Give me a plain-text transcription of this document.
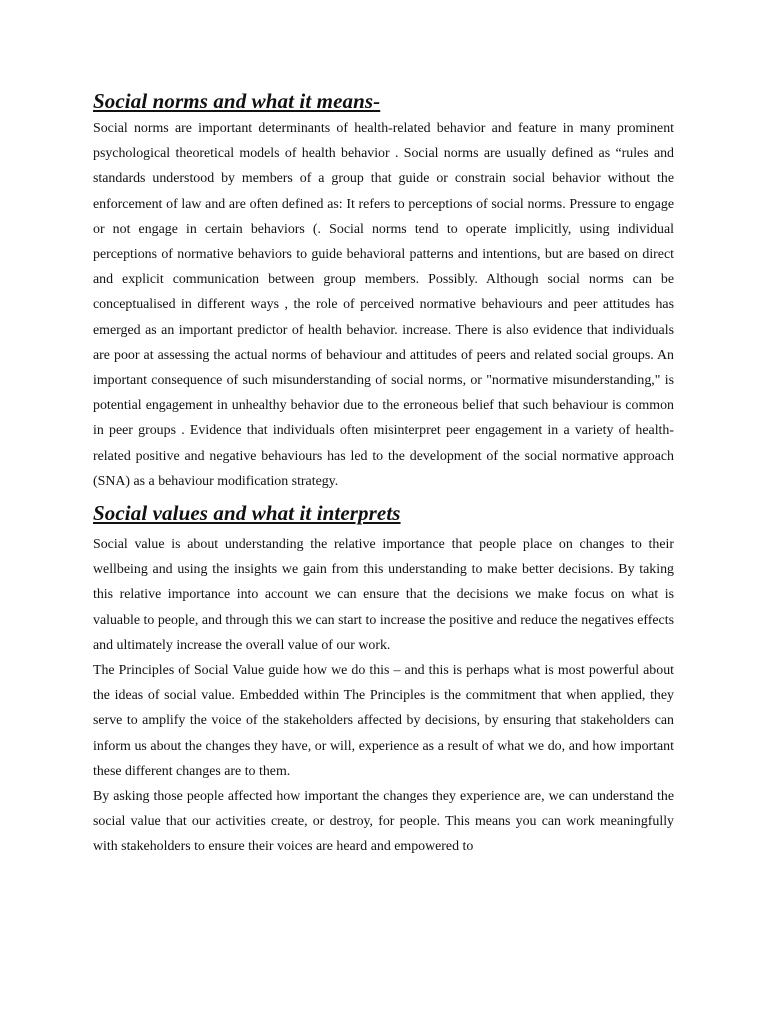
Social norms and what it means-

Social norms are important determinants of health-related behavior and feature in many prominent psychological theoretical models of health behavior . Social norms are usually defined as “rules and standards understood by members of a group that guide or constrain social behavior without the enforcement of law and are often defined as: It refers to perceptions of social norms. Pressure to engage or not engage in certain behaviors (. Social norms tend to operate implicitly, using individual perceptions of normative behaviors to guide behavioral patterns and intentions, but are based on direct and explicit communication between group members. Possibly. Although social norms can be conceptualised in different ways , the role of perceived normative behaviours and peer attitudes has emerged as an important predictor of health behavior. increase. There is also evidence that individuals are poor at assessing the actual norms of behaviour and attitudes of peers and related social groups. An important consequence of such misunderstanding of social norms, or "normative misunderstanding," is potential engagement in unhealthy behavior due to the erroneous belief that such behaviour is common in peer groups . Evidence that individuals often misinterpret peer engagement in a variety of health-related positive and negative behaviours has led to the development of the social normative approach (SNA) as a behaviour modification strategy.

Social values and what it interprets

Social value is about understanding the relative importance that people place on changes to their wellbeing and using the insights we gain from this understanding to make better decisions. By taking this relative importance into account we can ensure that the decisions we make focus on what is valuable to people, and through this we can start to increase the positive and reduce the negatives effects and ultimately increase the overall value of our work.

The Principles of Social Value guide how we do this – and this is perhaps what is most powerful about the ideas of social value. Embedded within The Principles is the commitment that when applied, they serve to amplify the voice of the stakeholders affected by decisions, by ensuring that stakeholders can inform us about the changes they have, or will, experience as a result of what we do, and how important these different changes are to them.

By asking those people affected how important the changes they experience are, we can understand the social value that our activities create, or destroy, for people. This means you can work meaningfully with stakeholders to ensure their voices are heard and empowered to
